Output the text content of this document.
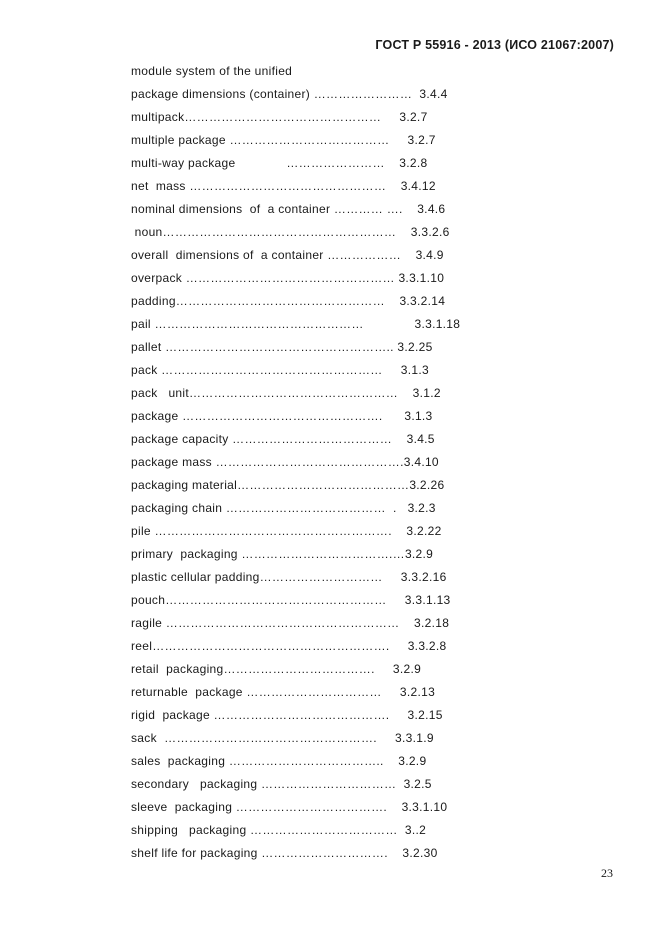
ГОСТ Р 55916 - 2013 (ИСО 21067:2007)
module system of the unified
package dimensions (container) ……………………  3.4.4
multipack…………………………………………     3.2.7
multiple package …………………………………     3.2.7
multi-way package              ……………………    3.2.8
net  mass …………………………………………    3.4.12
nominal dimensions  of  a container ………… ….    3.4.6
noun…………………………………………………    3.3.2.6
overall  dimensions of  a container ………………    3.4.9
overpack …………………………………………… 3.3.1.10
padding……………………………………………    3.3.2.14
pail ……………………………………………              3.3.1.18
pallet ……………………………………………….. 3.2.25
pack ………………………………………………     3.1.3
pack   unit……………………………………………    3.1.2
package ………………………………………….      3.1.3
package capacity …………………………………    3.4.5
package mass ……………………………………….3.4.10
packaging material……………………………………3.2.26
packaging chain …………………………………  .   3.2.3
pile ………………………………………………….    3.2.22
primary  packaging ……………………………….…3.2.9
plastic cellular padding…………………………     3.3.2.16
pouch………………………………………………     3.3.1.13
ragile …………………………………………………    3.2.18
reel………………………………………………….     3.3.2.8
retail  packaging……………………………….     3.2.9
returnable  package ……………………………     3.2.13
rigid  package …………………………………….     3.2.15
sack  …………………………………………….     3.3.1.9
sales  packaging ………………………………..    3.2.9
secondary   packaging ……………………………  3.2.5
sleeve  packaging ……………………………….    3.3.1.10
shipping   packaging ………………………………  3..2
shelf life for packaging ………………………….    3.2.30
23
